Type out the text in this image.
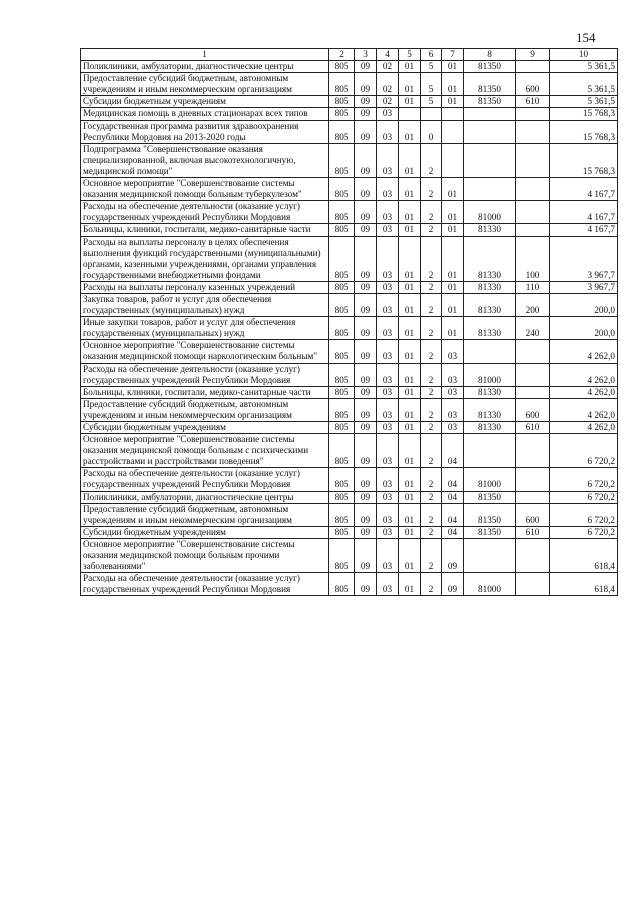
154
1	2	3	4	5	6	7	8	9	10
Поликлиники, амбулатории, диагностические центры	805	09	02	01	5	01	81350		5 361,5
Предоставление субсидий бюджетным, автономным учреждениям и иным некоммерческим организациям	805	09	02	01	5	01	81350	600	5 361,5
Субсидии бюджетным учреждениям	805	09	02	01	5	01	81350	610	5 361,5
Медицинская помощь в дневных стационарах всех типов	805	09	03						15 768,3
Государственная программа развития здравоохранения Республики Мордовия на 2013-2020 годы	805	09	03	01	0				15 768,3
Подпрограмма "Совершенствование оказания специализированной, включая высокотехнологичную, медицинской помощи"	805	09	03	01	2				15 768,3
Основное мероприятие "Совершенствование системы оказания медицинской помощи больным туберкулезом"	805	09	03	01	2	01			4 167,7
Расходы на обеспечение деятельности (оказание услуг) государственных учреждений Республики Мордовия	805	09	03	01	2	01	81000		4 167,7
Больницы, клиники, госпитали, медико-санитарные части	805	09	03	01	2	01	81330		4 167,7
Расходы на выплаты персоналу в целях обеспечения выполнения функций государственными (муниципальными) органами, казенными учреждениями, органами управления государственными внебюджетными фондами	805	09	03	01	2	01	81330	100	3 967,7
Расходы на выплаты персоналу казенных учреждений	805	09	03	01	2	01	81330	110	3 967,7
Закупка товаров, работ и услуг для обеспечения государственных (муниципальных) нужд	805	09	03	01	2	01	81330	200	200,0
Иные закупки товаров, работ и услуг для обеспечения государственных (муниципальных) нужд	805	09	03	01	2	01	81330	240	200,0
Основное мероприятие "Совершенствование системы оказания медицинской помощи наркологическим больным"	805	09	03	01	2	03			4 262,0
Расходы на обеспечение деятельности (оказание услуг) государственных учреждений Республики Мордовия	805	09	03	01	2	03	81000		4 262,0
Больницы, клиники, госпитали, медико-санитарные части	805	09	03	01	2	03	81330		4 262,0
Предоставление субсидий бюджетным, автономным учреждениям и иным некоммерческим организациям	805	09	03	01	2	03	81330	600	4 262,0
Субсидии бюджетным учреждениям	805	09	03	01	2	03	81330	610	4 262,0
Основное мероприятие "Совершенствование системы оказания медицинской помощи больным с психическими расстройствами и расстройствами поведения"	805	09	03	01	2	04			6 720,2
Расходы на обеспечение деятельности (оказание услуг) государственных учреждений Республики Мордовия	805	09	03	01	2	04	81000		6 720,2
Поликлиники, амбулатории, диагностические центры	805	09	03	01	2	04	81350		6 720,2
Предоставление субсидий бюджетным, автономным учреждениям и иным некоммерческим организациям	805	09	03	01	2	04	81350	600	6 720,2
Субсидии бюджетным учреждениям	805	09	03	01	2	04	81350	610	6 720,2
Основное мероприятие "Совершенствование системы оказания медицинской помощи больным прочими заболеваниями"	805	09	03	01	2	09			618,4
Расходы на обеспечение деятельности (оказание услуг) государственных учреждений Республики Мордовия	805	09	03	01	2	09	81000		618,4
